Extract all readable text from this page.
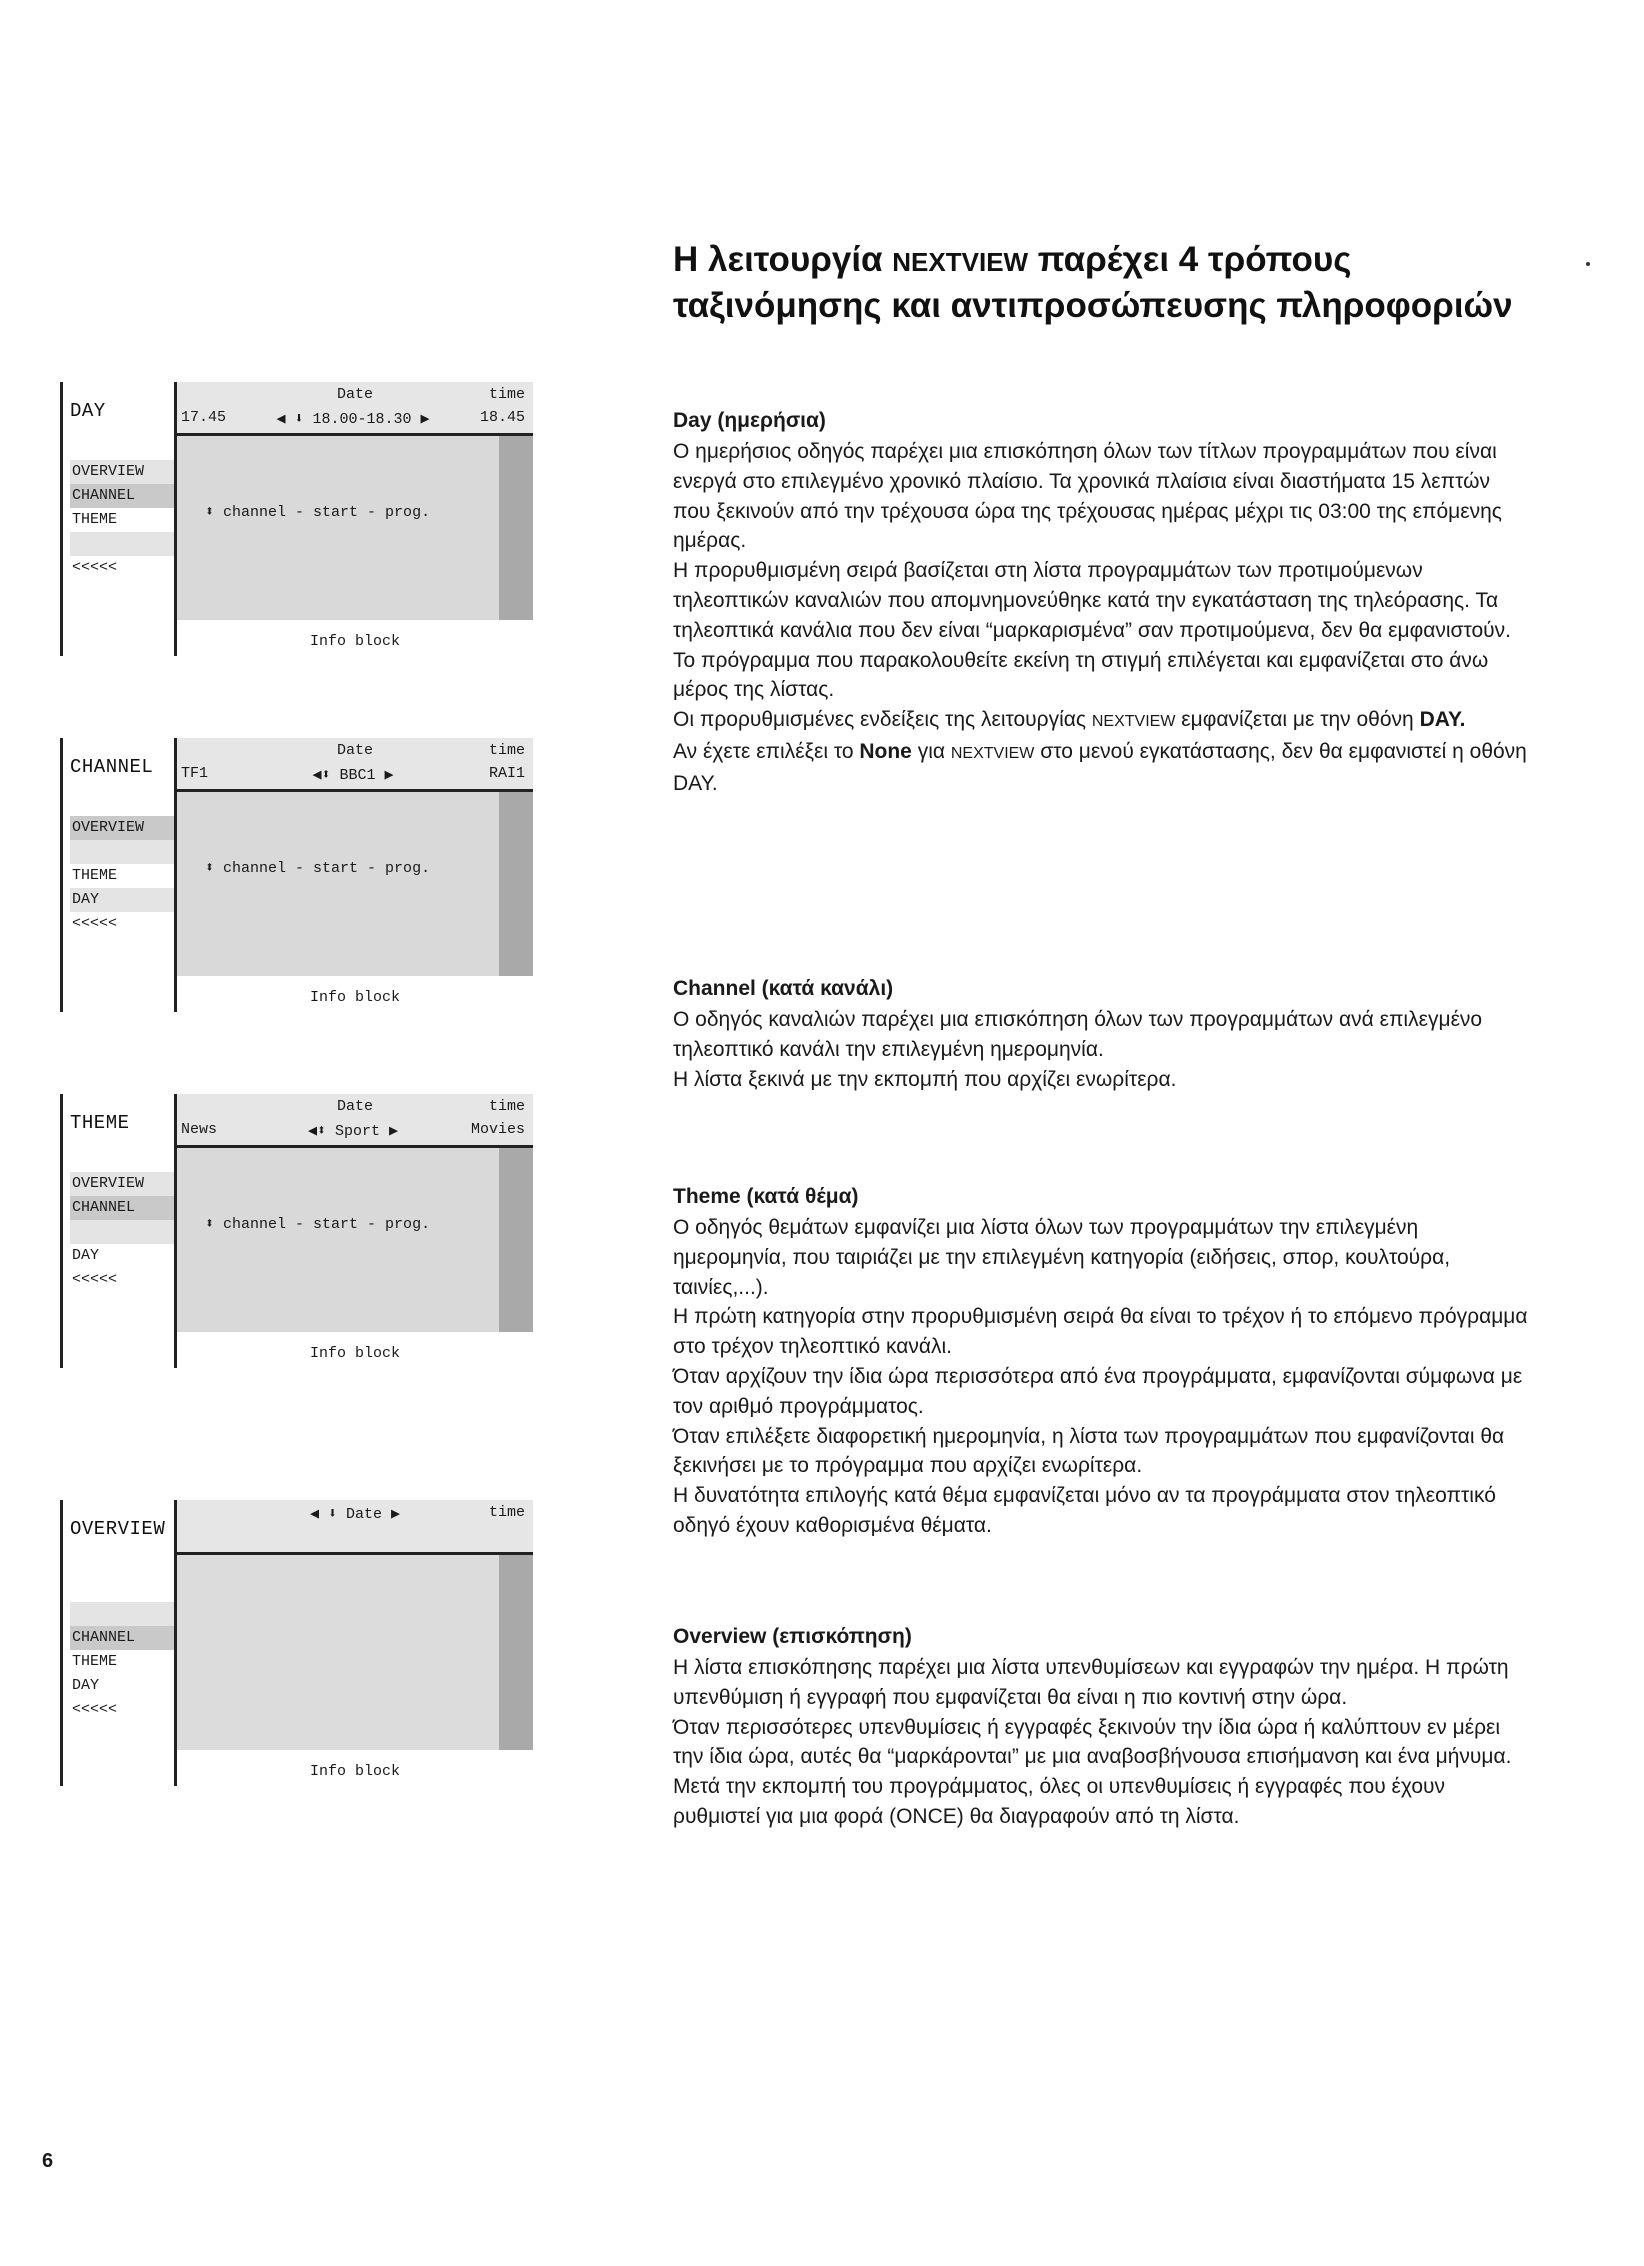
DAY
OVERVIEW
CHANNEL
THEME
<<<<<
Date	time
◀ ⬇ 18.00-18.30 ▶
17.45	18.45
⬍ channel - start - prog.
Info block
CHANNEL
OVERVIEW
THEME
DAY
<<<<<
Date	time
◀⬍ BBC1 ▶
TF1	RAI1
⬍ channel - start - prog.
Info block
THEME
OVERVIEW
CHANNEL
DAY
<<<<<
Date	time
◀⬍ Sport ▶
News	Movies
⬍ channel - start - prog.
Info block
OVERVIEW
CHANNEL
THEME
DAY
<<<<<
◀ ⬇ Date ▶	time
Info block
Η λειτουργία NEXTVIEW παρέχει 4 τρόπους ταξινόμησης και αντιπροσώπευσης πληροφοριών
Day (ημερήσια)

Ο ημερήσιος οδηγός παρέχει μια επισκόπηση όλων των τίτλων προγραμμάτων που είναι ενεργά στο επιλεγμένο χρονικό πλαίσιο. Τα χρονικά πλαίσια είναι διαστήματα 15 λεπτών που ξεκινούν από την τρέχουσα ώρα της τρέχουσας ημέρας μέχρι τις 03:00 της επόμενης ημέρας.

Η προρυθμισμένη σειρά βασίζεται στη λίστα προγραμμάτων των προτιμούμενων τηλεοπτικών καναλιών που απομνημονεύθηκε κατά την εγκατάσταση της τηλεόρασης. Τα τηλεοπτικά κανάλια που δεν είναι “μαρκαρισμένα” σαν προτιμούμενα, δεν θα εμφανιστούν. Το πρόγραμμα που παρακολουθείτε εκείνη τη στιγμή επιλέγεται και εμφανίζεται στο άνω μέρος της λίστας.

Οι προρυθμισμένες ενδείξεις της λειτουργίας NEXTVIEW εμφανίζεται με την οθόνη DAY.

Αν έχετε επιλέξει το None για NEXTVIEW στο μενού εγκατάστασης, δεν θα εμφανιστεί η οθόνη DAY.

Channel (κατά κανάλι)

Ο οδηγός καναλιών παρέχει μια επισκόπηση όλων των προγραμμάτων ανά επιλεγμένο τηλεοπτικό κανάλι την επιλεγμένη ημερομηνία.

Η λίστα ξεκινά με την εκπομπή που αρχίζει ενωρίτερα.

Theme (κατά θέμα)

Ο οδηγός θεμάτων εμφανίζει μια λίστα όλων των προγραμμάτων την επιλεγμένη ημερομηνία, που ταιριάζει με την επιλεγμένη κατηγορία (ειδήσεις, σπορ, κουλτούρα, ταινίες,...).

Η πρώτη κατηγορία στην προρυθμισμένη σειρά θα είναι το τρέχον ή το επόμενο πρόγραμμα στο τρέχον τηλεοπτικό κανάλι.

Όταν αρχίζουν την ίδια ώρα περισσότερα από ένα προγράμματα, εμφανίζονται σύμφωνα με τον αριθμό προγράμματος.

Όταν επιλέξετε διαφορετική ημερομηνία, η λίστα των προγραμμάτων που εμφανίζονται θα ξεκινήσει με το πρόγραμμα που αρχίζει ενωρίτερα.

Η δυνατότητα επιλογής κατά θέμα εμφανίζεται μόνο αν τα προγράμματα στον τηλεοπτικό οδηγό έχουν καθορισμένα θέματα.

Overview (επισκόπηση)

Η λίστα επισκόπησης παρέχει μια λίστα υπενθυμίσεων και εγγραφών την ημέρα. Η πρώτη υπενθύμιση ή εγγραφή που εμφανίζεται θα είναι η πιο κοντινή στην ώρα.

Όταν περισσότερες υπενθυμίσεις ή εγγραφές ξεκινούν την ίδια ώρα ή καλύπτουν εν μέρει την ίδια ώρα, αυτές θα “μαρκάρονται” με μια αναβοσβήνουσα επισήμανση και ένα μήνυμα.

Μετά την εκπομπή του προγράμματος, όλες οι υπενθυμίσεις ή εγγραφές που έχουν ρυθμιστεί για μια φορά (ONCE) θα διαγραφούν από τη λίστα.

6
